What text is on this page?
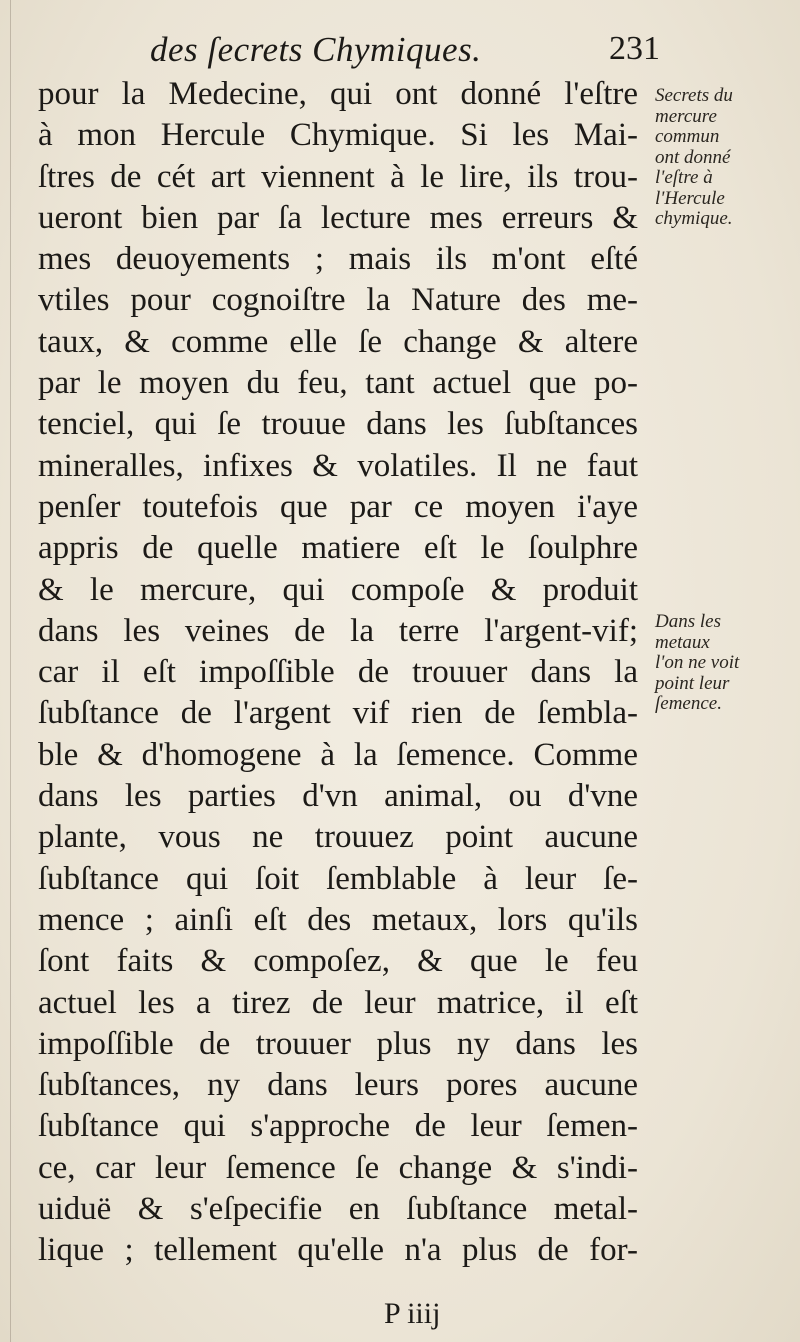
des ſecrets Chymiques.	231
pour la Medecine, qui ont donné l'eſtre
à mon Hercule Chymique. Si les Mai-
ſtres de cét art viennent à le lire, ils trou-
ueront bien par ſa lecture mes erreurs &
mes deuoyements ; mais ils m'ont eſté
vtiles pour cognoiſtre la Nature des me-
taux, & comme elle ſe change & altere
par le moyen du feu, tant actuel que po-
tenciel, qui ſe trouue dans les ſubſtances
mineralles, infixes & volatiles. Il ne faut
penſer toutefois que par ce moyen i'aye
appris de quelle matiere eſt le ſoulphre
& le mercure, qui compoſe & produit
dans les veines de la terre l'argent-vif;
car il eſt impoſſible de trouuer dans la
ſubſtance de l'argent vif rien de ſembla-
ble & d'homogene à la ſemence. Comme
dans les parties d'vn animal, ou d'vne
plante, vous ne trouuez point aucune
ſubſtance qui ſoit ſemblable à leur ſe-
mence ; ainſi eſt des metaux, lors qu'ils
ſont faits & compoſez, & que le feu
actuel les a tirez de leur matrice, il eſt
impoſſible de trouuer plus ny dans les
ſubſtances, ny dans leurs pores aucune
ſubſtance qui s'approche de leur ſemen-
ce, car leur ſemence ſe change & s'indi-
uiduë & s'eſpecifie en ſubſtance metal-
lique ; tellement qu'elle n'a plus de for-
Secrets du
mercure
commun
ont donné
l'eſtre à
l'Hercule
chymique.
Dans les
metaux
l'on ne voit
point leur
ſemence.
P iiij
